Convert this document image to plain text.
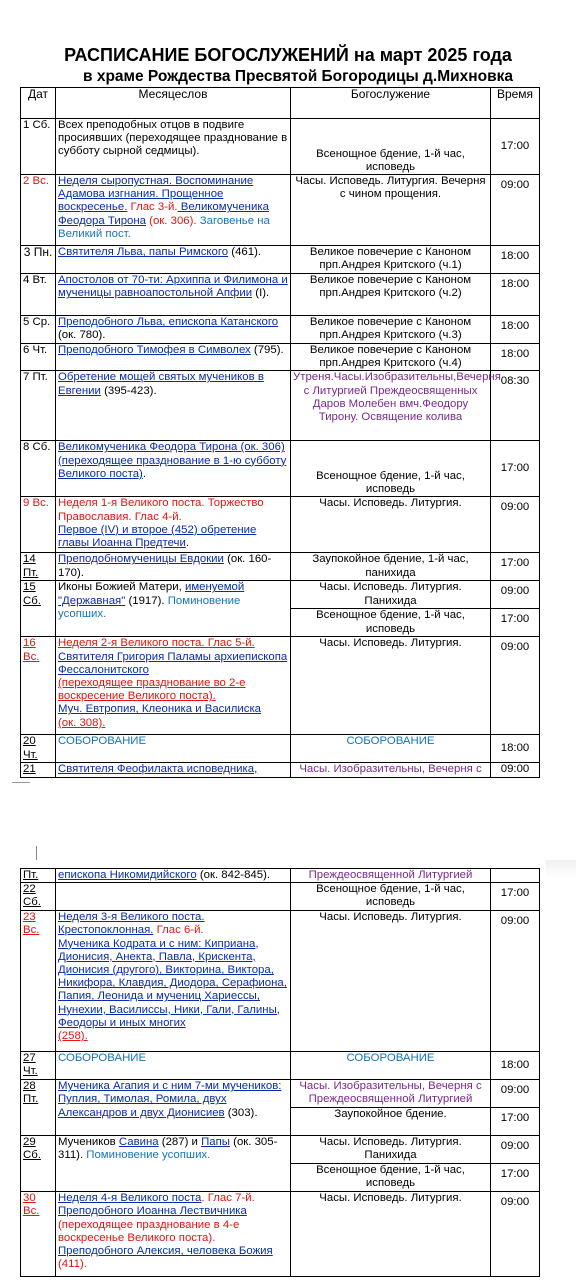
РАСПИСАНИЕ БОГОСЛУЖЕНИЙ на март 2025 года
в храме Рождества Пресвятой Богородицы д.Михновка
Дат	Месяцеслов	Богослужение	Время
1 Сб.	Всех преподобных отцов в подвиге просиявших (переходящее празднование в субботу сырной седмицы).	Всенощное бдение, 1-й час, исповедь	17:00
2 Вс.	Неделя сыропустная. Воспоминание Адамова изгнания. Прощенное воскресенье. Глас 3-й. Великомученика Феодора Тирона (ок. 306). Заговенье на Великий пост.	Часы. Исповедь. Литургия. Вечерня с чином прощения.	09:00
3 Пн.	Святителя Льва, папы Римского (461).	Великое повечерие с Каноном прп.Андрея Критского (ч.1)	18:00
4 Вт.	Апостолов от 70-ти: Архиппа и Филимона и мученицы равноапостольной Апфии (I).	Великое повечерие с Каноном прп.Андрея Критского (ч.2)	18:00
5 Ср.	Преподобного Льва, епископа Катанского (ок. 780).	Великое повечерие с Каноном прп.Андрея Критского (ч.3)	18:00
6 Чт.	Преподобного Тимофея в Символех (795).	Великое повечерие с Каноном прп.Андрея Критского (ч.4)	18:00
7 Пт.	Обретение мощей святых мучеников в Евгении (395-423).	Утреня.Часы.Изобразительны,Вечерня с Литургией Преждеосвященных Даров Молебен вмч.Феодору Тирону. Освящение колива	08:30
8 Сб.	Великомученика Феодора Тирона (ок. 306) (переходящее празднование в 1-ю субботу Великого поста).	Всенощное бдение, 1-й час, исповедь	17:00
9 Вс.	Неделя 1-я Великого поста. Торжество Православия. Глас 4-й.
Первое (IV) и второе (452) обретение главы Иоанна Предтечи.	Часы. Исповедь. Литургия.	09:00
14 Пт.	Преподобномученицы Евдокии (ок. 160-170).	Заупокойное бдение, 1-й час, панихида	17:00
15 Сб.	Иконы Божией Матери, именуемой "Державная" (1917). Поминовение усопших.	Часы. Исповедь. Литургия. Панихида	09:00
		Всенощное бдение, 1-й час, исповедь	17:00
16 Вс.	Неделя 2-я Великого поста. Глас 5-й.
Святителя Григория Паламы архиепископа Фессалонитского
(переходящее празднование во 2-е воскресение Великого поста).
Муч. Евтропия, Клеоника и Василиска
(ок. 308).	Часы. Исповедь. Литургия.	09:00
20 Чт.	СОБОРОВАНИЕ	СОБОРОВАНИЕ	18:00
21	Святителя Феофилакта исповедника,	Часы. Изобразительны, Вечерня с	09:00
Пт.	епископа Никомидийского (ок. 842-845).	Преждеосвященной Литургией	
22 Сб.		Всенощное бдение, 1-й час, исповедь	17:00
23 Вс.	Неделя 3-я Великого поста. Крестопоклонная. Глас 6-й.
Мученика Кодрата и с ним: Киприана, Дионисия, Анекта, Павла, Крискента, Дионисия (другого), Викторина, Виктора, Никифора, Клавдия, Диодора, Серафиона, Папия, Леонида и мучениц Хариессы, Нунехии, Василиссы, Ники, Гали, Галины, Феодоры и иных многих
(258).	Часы. Исповедь. Литургия.	09:00
27 Чт.	СОБОРОВАНИЕ	СОБОРОВАНИЕ	18:00
28 Пт.	Мученика Агапия и с ним 7-ми мучеников: Пуплия, Тимолая, Ромила, двух Александров и двух Дионисиев (303).	Часы. Изобразительны, Вечерня с Преждеосвященной Литургией	09:00
		Заупокойное бдение.	17:00
29 Сб.	Мучеников Савина (287) и Папы (ок. 305-311). Поминовение усопших.	Часы. Исповедь. Литургия. Панихида	09:00
		Всенощное бдение, 1-й час, исповедь	17:00
30 Вс.	Неделя 4-я Великого поста. Глас 7-й.
Преподобного Иоанна Лествичника
(переходящее празднование в 4-е воскресенье Великого поста).
Преподобного Алексия, человека Божия
(411).	Часы. Исповедь. Литургия.	09:00
